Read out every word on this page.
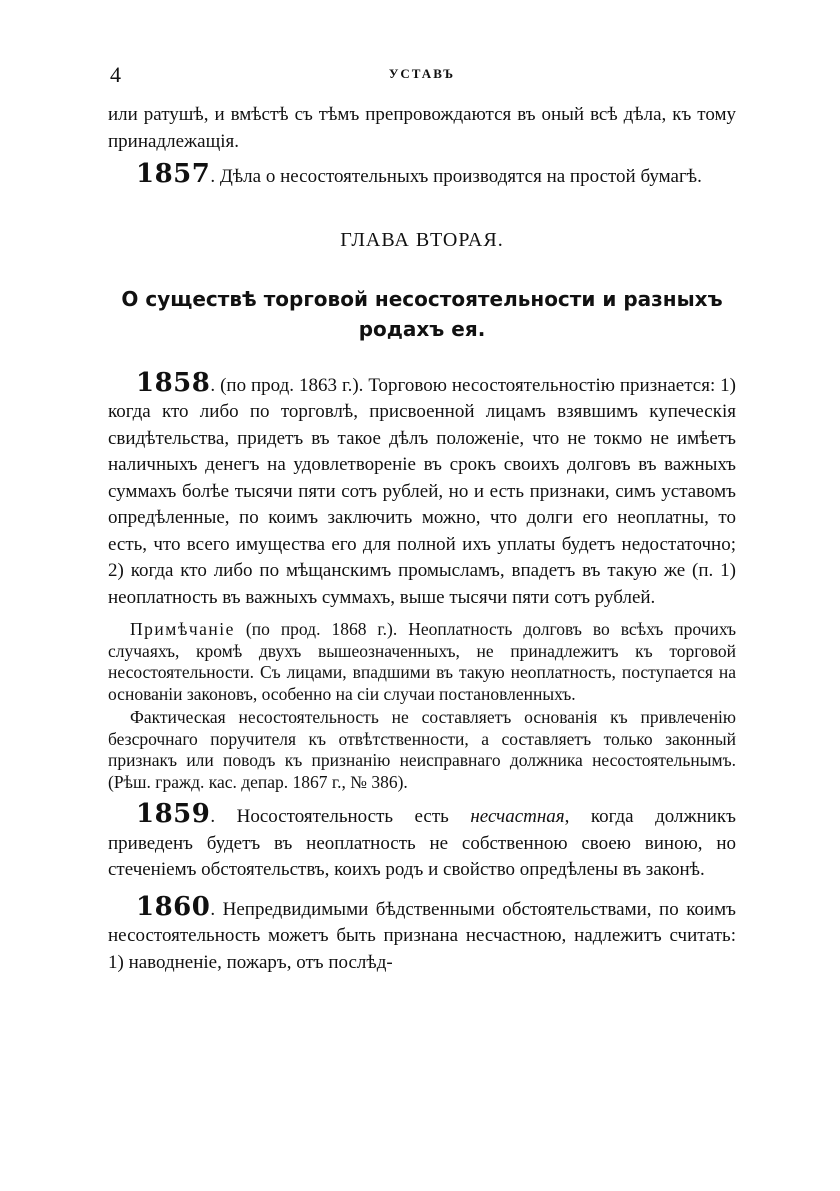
4	УСТАВЪ

или ратушѣ, и вмѣстѣ съ тѣмъ препровождаются въ оный всѣ дѣла, къ тому принадлежащія.

1857. Дѣла о несостоятельныхъ производятся на простой бумагѣ.

ГЛАВА ВТОРАЯ.
О существѣ торговой несостоятельности и разныхъ родахъ ея.

1858. (по прод. 1863 г.). Торговою несостоятельностію признается: 1) когда кто либо по торговлѣ, присвоенной лицамъ взявшимъ купеческія свидѣтельства, придетъ въ такое дѣлъ положеніе, что не токмо не имѣетъ наличныхъ денегъ на удовлетвореніе въ срокъ своихъ долговъ въ важныхъ суммахъ болѣе тысячи пяти сотъ рублей, но и есть признаки, симъ уставомъ опредѣленные, по коимъ заключить можно, что долги его неоплатны, то есть, что всего имущества его для полной ихъ уплаты будетъ недостаточно; 2) когда кто либо по мѣщанскимъ промысламъ, впадетъ въ такую же (п. 1) неоплатность въ важныхъ суммахъ, выше тысячи пяти сотъ рублей.

Примѣчаніе (по прод. 1868 г.). Неоплатность долговъ во всѣхъ прочихъ случаяхъ, кромѣ двухъ вышеозначенныхъ, не принадлежитъ къ торговой несостоятельности. Съ лицами, впадшими въ такую неоплатность, поступается на основаніи законовъ, особенно на сіи случаи постановленныхъ.

Фактическая несостоятельность не составляетъ основанія къ привлеченію безсрочнаго поручителя къ отвѣтственности, а составляетъ только законный признакъ или поводъ къ признанію неисправнаго должника несостоятельнымъ. (Рѣш. гражд. кас. депар. 1867 г., № 386).

1859. Нocостоятельность есть несчастная, когда должникъ приведенъ будетъ въ неоплатность не собственною своею виною, но стеченіемъ обстоятельствъ, коихъ родъ и свойство опредѣлены въ законѣ.

1860. Непредвидимыми бѣдственными обстоятельствами, по коимъ несостоятельность можетъ быть признана несчастною, надлежитъ считать: 1) наводненіе, пожаръ, отъ послѣд-
